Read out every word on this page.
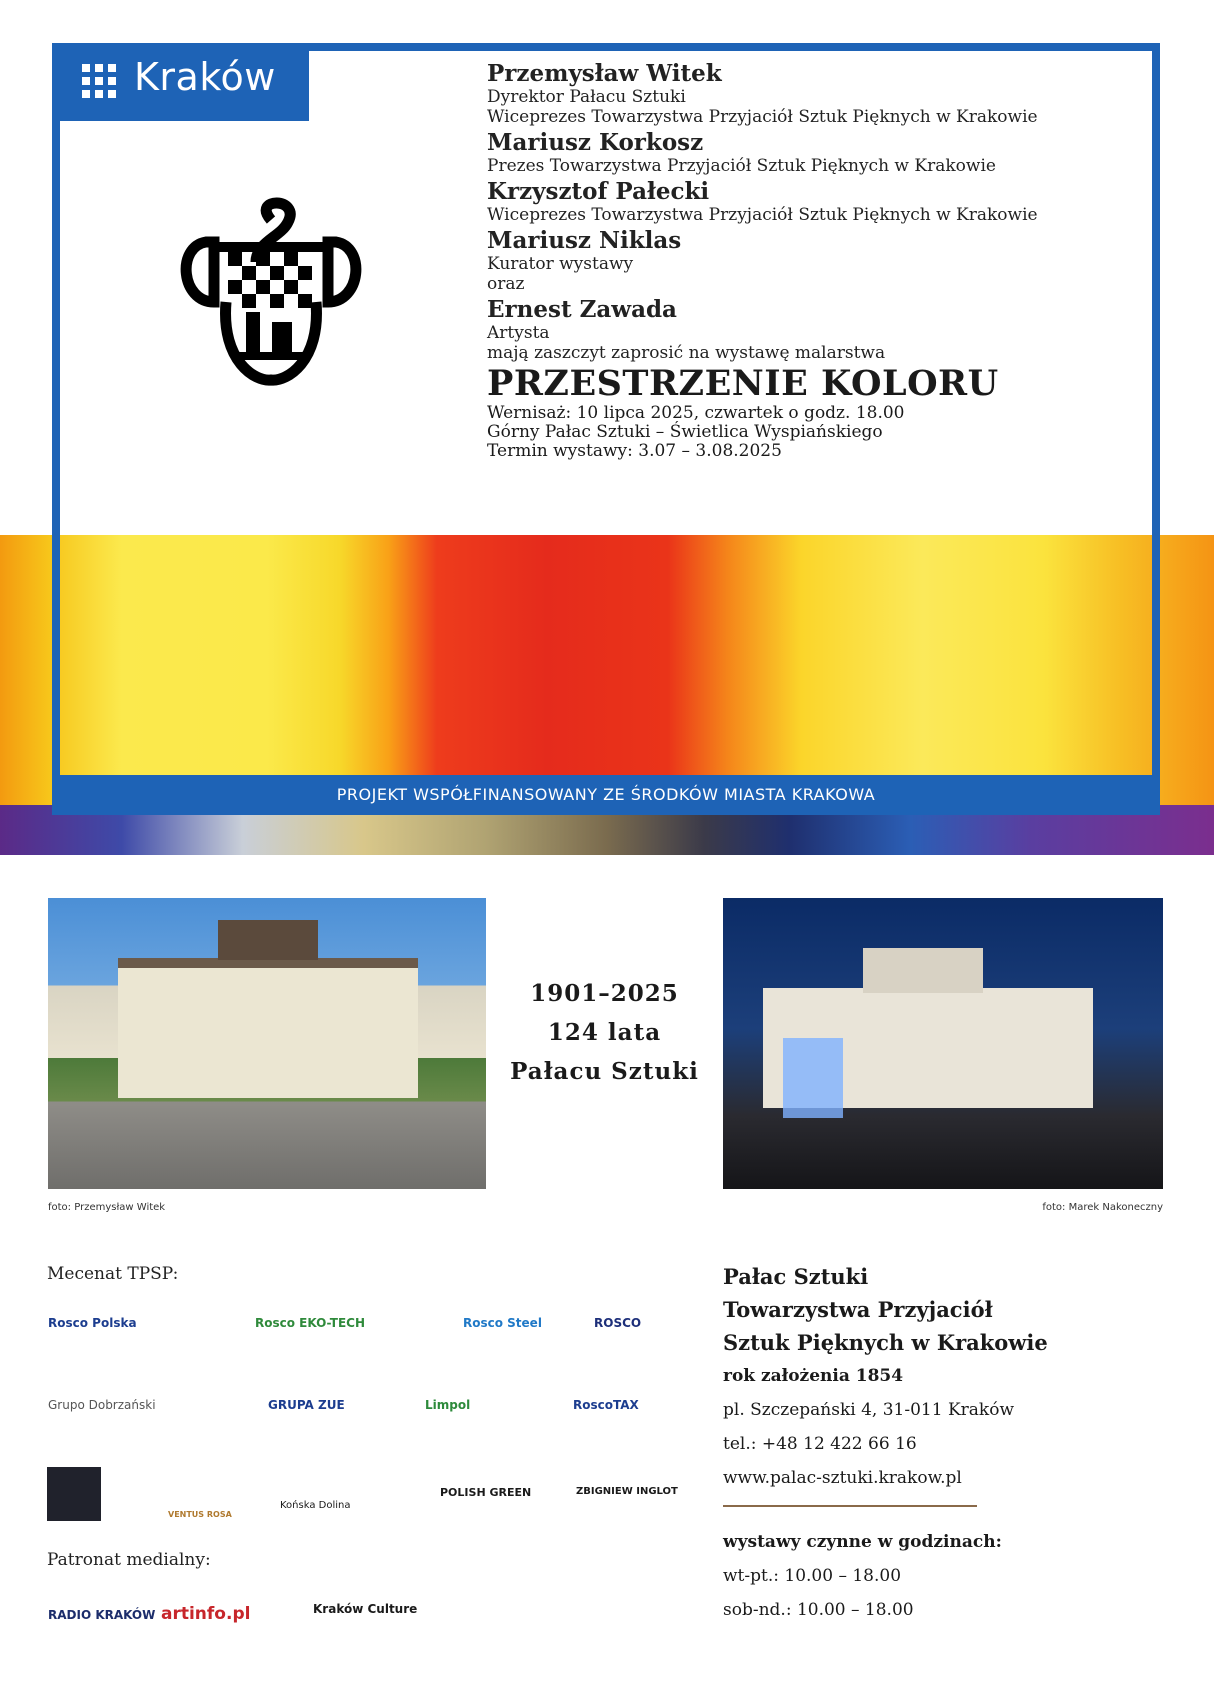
PROJEKT WSPÓŁFINANSOWANY ZE ŚRODKÓW MIASTA KRAKOWA
Kraków	Przemysław Witek
Dyrektor Pałacu Sztuki
Wiceprezes Towarzystwa Przyjaciół Sztuk Pięknych w Krakowie
Mariusz Korkosz
Prezes Towarzystwa Przyjaciół Sztuk Pięknych w Krakowie
Krzysztof Pałecki
Wiceprezes Towarzystwa Przyjaciół Sztuk Pięknych w Krakowie
Mariusz Niklas
Kurator wystawy
oraz
Ernest Zawada
Artysta
mają zaszczyt zaprosić na wystawę malarstwa
PRZESTRZENIE KOLORU
Wernisaż: 10 lipca 2025, czwartek o godz. 18.00
Górny Pałac Sztuki – Świetlica Wyspiańskiego
Termin wystawy: 3.07 – 3.08.2025
1901–2025
124 lata
Pałacu Sztuki
foto: Przemysław Witek	foto: Marek Nakoneczny
Mecenat TPSP:
Rosco Polska	Rosco EKO-TECH	Rosco Steel	ROSCO
Grupo Dobrzański	GRUPA ZUE	Limpol	RoscoTAX
VENTUS ROSA
Końska Dolina
POLISH GREEN	ZBIGNIEW INGLOT
Patronat medialny:
RADIO KRAKÓW artinfo.pl	Kraków Culture
Pałac Sztuki
Towarzystwa Przyjaciół
Sztuk Pięknych w Krakowie
rok założenia 1854
pl. Szczepański 4, 31-011 Kraków
tel.: +48 12 422 66 16
www.palac-sztuki.krakow.pl
wystawy czynne w godzinach:
wt-pt.: 10.00 – 18.00
sob-nd.: 10.00 – 18.00
